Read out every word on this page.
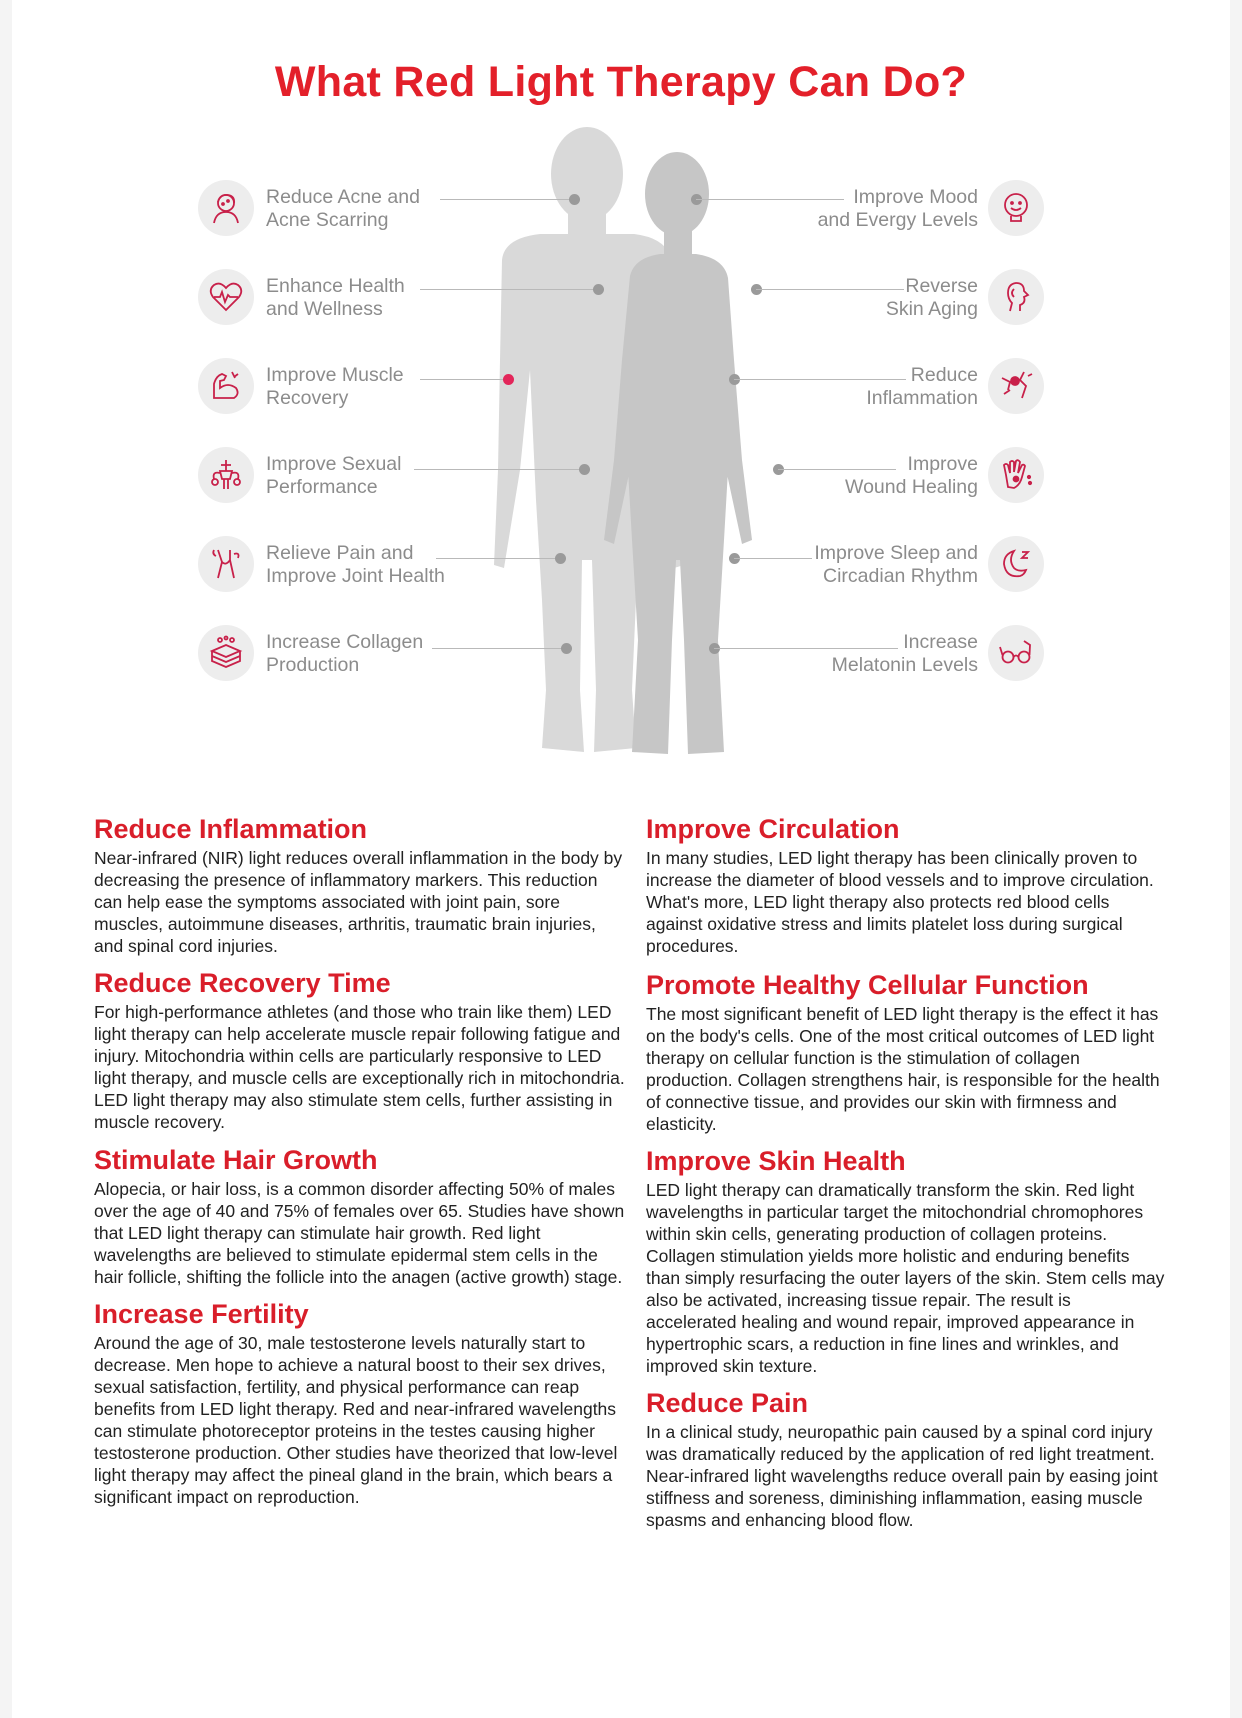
What Red Light Therapy Can Do?
Reduce Acne and
Acne Scarring
Enhance Health
and Wellness
Improve Muscle
Recovery
Improve Sexual
Performance
Relieve Pain and
Improve Joint Health
Increase Collagen
Production
Improve Mood
and Evergy Levels
Reverse
Skin Aging
Reduce
Inflammation
Improve
Wound Healing
Improve Sleep and
Circadian Rhythm
Increase
Melatonin Levels
Reduce Inflammation

Near-infrared (NIR) light reduces overall inflammation in the body by decreasing the presence of inflammatory markers. This reduction can help ease the symptoms associated with joint pain, sore muscles, autoimmune diseases, arthritis, traumatic brain injuries, and spinal cord injuries.

Reduce Recovery Time

For high-performance athletes (and those who train like them) LED light therapy can help accelerate muscle repair following fatigue and injury. Mitochondria within cells are particularly responsive to LED light therapy, and muscle cells are exceptionally rich in mitochondria. LED light therapy may also stimulate stem cells, further assisting in muscle recovery.

Stimulate Hair Growth

Alopecia, or hair loss, is a common disorder affecting 50% of males over the age of 40 and 75% of females over 65. Studies have shown that LED light therapy can stimulate hair growth. Red light wavelengths are believed to stimulate epidermal stem cells in the hair follicle, shifting the follicle into the anagen (active growth) stage.

Increase Fertility

Around the age of 30, male testosterone levels naturally start to decrease. Men hope to achieve a natural boost to their sex drives, sexual satisfaction, fertility, and physical performance can reap benefits from LED light therapy. Red and near-infrared wavelengths can stimulate photoreceptor proteins in the testes causing higher testosterone production. Other studies have theorized that low-level light therapy may affect the pineal gland in the brain, which bears a significant impact on reproduction.

Improve Circulation

In many studies, LED light therapy has been clinically proven to increase the diameter of blood vessels and to improve circulation. What's more, LED light therapy also protects red blood cells against oxidative stress and limits platelet loss during surgical procedures.

Promote Healthy Cellular Function

The most significant benefit of LED light therapy is the effect it has on the body's cells. One of the most critical outcomes of LED light therapy on cellular function is the stimulation of collagen production. Collagen strengthens hair, is responsible for the health of connective tissue, and provides our skin with firmness and elasticity.

Improve Skin Health

LED light therapy can dramatically transform the skin. Red light wavelengths in particular target the mitochondrial chromophores within skin cells, generating production of collagen proteins. Collagen stimulation yields more holistic and enduring benefits than simply resurfacing the outer layers of the skin. Stem cells may also be activated, increasing tissue repair. The result is accelerated healing and wound repair, improved appearance in hypertrophic scars, a reduction in fine lines and wrinkles, and improved skin texture.

Reduce Pain

In a clinical study, neuropathic pain caused by a spinal cord injury was dramatically reduced by the application of red light treatment. Near-infrared light wavelengths reduce overall pain by easing joint stiffness and soreness, diminishing inflammation, easing muscle spasms and enhancing blood flow.
